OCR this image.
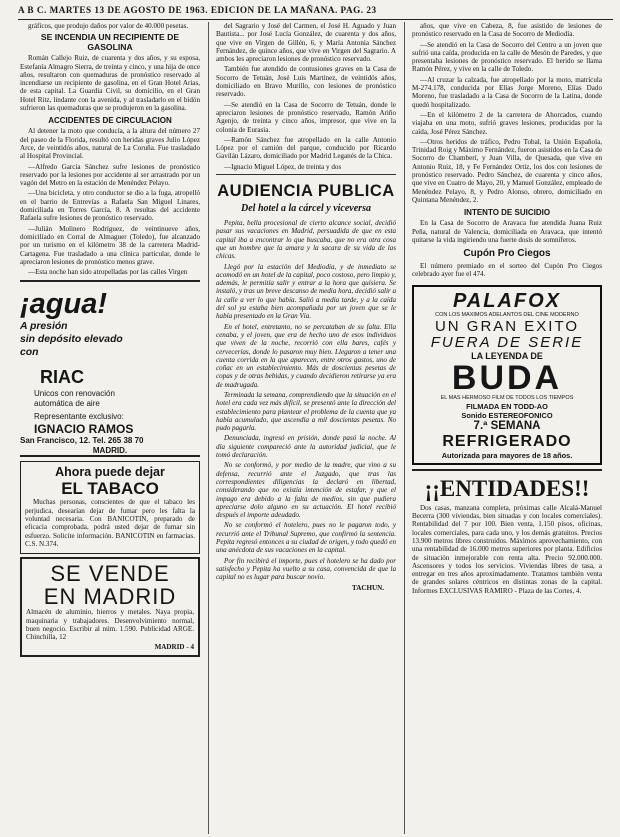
A B C. MARTES 13 DE AGOSTO DE 1963. EDICION DE LA MAÑANA. PAG. 23

gráficos, que produjo daños por valor de 40.000 pesetas.

SE INCENDIA UN RECIPIENTE DE GASOLINA

Román Callejo Ruiz, de cuarenta y dos años, y su esposa, Estefanía Almagro Sierra, de treinta y cinco, y una hija de once años, resultaron con quemaduras de pronóstico reservado al incendiarse un recipiente de gasolina, en el Gran Hotel Arias, de esta capital. La Guardia Civil, su domicilio, en el Gran Hotel Ritz, lindante con la avenida, y al trasladarlo en el bidón sufrieron las quemaduras que se produjeron en la gasolina.

ACCIDENTES DE CIRCULACION

Al detener la moto que conducía, a la altura del número 27 del paseo de la Florida, resultó con heridas graves Julio López Arce, de veintidós años, natural de La Coruña. Fue trasladado al Hospital Provincial.

—Alfredo García Sánchez sufre lesiones de pronóstico reservado por la lesiones por accidente al ser arrastrado por un vagón del Metro en la estación de Menéndez Pelayo.

—Una bicicleta, y otro conductor se dio a la fuga, atropelló en el barrio de Entrevías a Rafaela San Miguel Linares, domiciliada en Torres García, 8. A resultas del accidente Rafaela sufre lesiones de pronóstico reservado.

—Julián Molinero Rodríguez, de veintinueve años, domiciliado en Corral de Almaguer (Toledo), fue alcanzado por un turismo en el kilómetro 38 de la carretera Madrid-Cartagena. Fue trasladado a una clínica particular, donde le apreciaron lesiones de pronóstico menos grave.

—Esta noche han sido atropelladas por las calles Virgen

¡agua!
A presión
sin depósito elevado
con
RIAC
Unicos con renovación
automática de aire
Representante exclusivo:
IGNACIO RAMOS
San Francisco, 12. Tel. 265 38 70
MADRID.
Ahora puede dejar
EL TABACO

Muchas personas, conscientes de que el tabaco les perjudica, desearían dejar de fumar pero les falta la voluntad necesaria. Con BANICOTIN, preparado de eficacia comprobada, podrá usted dejar de fumar sin esfuerzo. Solicite información. BANICOTIN en farmacias. C.S. N.374.

SE VENDE
EN MADRID

Almacén de aluminio, hierros y metales. Naya propia, maquinaria y trabajadores. Desenvolvimiento normal, buen negocio. Escribir al núm. 1.590. Publicidad ARGE. Chinchilla, 12

MADRID - 4

del Sagrario y José del Carmen, el José H. Aguado y Juan Bautista... por José Lucía González, de cuarenta y dos años, que vive en Virgen de Gillén, 6, y María Antonia Sánchez Fernández, de quince años, que vive en Virgen del Sagrario. A ambos les apreciaron lesiones de pronóstico reservado.

También fue atendido de contusiones graves en la Casa de Socorro de Tetuán, José Luis Martínez, de veintidós años, domiciliado en Bravo Murillo, con lesiones de pronóstico reservado.

—Se atendió en la Casa de Socorro de Tetuán, donde le apreciaron lesiones de pronóstico reservado, Ramón Ariño Agenjo, de treinta y cinco años, impresor, que vive en la colonia de Eurasia.

—Ramón Sánchez fue atropellado en la calle Antonio López por el camión del parque, conducido por Ricardo Gavilán Lázaro, domiciliado por Madrid Leganés de la Chica.

—Ignacio Miguel López, de treinta y dos

AUDIENCIA PUBLICA
Del hotel a la cárcel y viceversa

Pepita, bella procesional de cierto alcance social, decidió pasar sus vacaciones en Madrid, persuadida de que en esta capital iba a encontrar lo que buscaba, que no era otra cosa que un hombre que la amara y la sacara de su vida de las chicas.

Llegó por la estación del Mediodía, y de inmediato se acomodó en un hotel de la capital, poco costoso, pero limpio y, además, le permitía salir y entrar a la hora que quisiera. Se instaló, y tras un breve descanso de media hora, decidió salir a la calle a ver lo que había. Salió a media tarde, y a la caída del sol ya estaba bien acompañada por un joven que se le había presentado en la Gran Vía.

En el hotel, entretanto, no se percataban de su falta. Ella cenaba, y el joven, que era de hecho uno de esos individuos que viven de la noche, recorrió con ella bares, cafés y cervecerías, donde lo pasaron muy bien. Llegaron a tener una cuenta corrida en la que aparecen, entre otros gastos, uno de coñac en un establecimiento. Más de doscientas pesetas de copas y de otras bebidas, y cuando decidieron retirarse ya era de madrugada.

Terminada la semana, comprendiendo que la situación en el hotel era cada vez más difícil, se presentó ante la dirección del establecimiento para plantear el problema de la cuenta que ya había acumulado, que ascendía a mil doscientas pesetas. No pudo pagarla.

Denunciada, ingresó en prisión, donde pasó la noche. Al día siguiente compareció ante la autoridad judicial, que le tomó declaración.

No se conformó, y por medio de la madre, que vino a su defensa, recurrió ante el Juzgado, que tras las correspondientes diligencias la declaró en libertad, considerando que no existía intención de estafar, y que el impago era debido a la falta de medios, sin que pudiera apreciarse dolo alguno en su actuación. El hotel recibió después el importe adeudado.

No se conformó el hotelero, pues no le pagaron todo, y recurrió ante el Tribunal Supremo, que confirmó la sentencia. Pepita regresó entonces a su ciudad de origen, y todo quedó en una anécdota de sus vacaciones en la capital.

Por fin recibirá el importe, pues el hotelero se ha dado por satisfecho y Pepita ha vuelto a su casa, convencida de que la capital no es lugar para buscar novio.

TACHUN.

años, que vive en Cabeza, 8, fue asistido de lesiones de pronóstico reservado en la Casa de Socorro de Mediodía.

—Se atendió en la Casa de Socorro del Centro a un joven que sufrió una caída, producida en la calle de Mesón de Paredes, y que presentaba lesiones de pronóstico reservado. El herido se llama Ramón Pérez, y vive en la calle de Toledo.

—Al cruzar la calzada, fue atropellado por la moto, matrícula M-274.178, conducida por Elías Jorge Moreno, Elías Dado Moreno, fue trasladado a la Casa de Socorro de la Latina, donde quedó hospitalizado.

—En el kilómetro 2 de la carretera de Ahorcados, cuando viajaba en una moto, sufrió graves lesiones, producidas por la caída, José Pérez Sánchez.

—Otros heridos de tráfico, Pedro Tobal, la Unión Española, Trinidad Roig y Máximo Fernández, fueron asistidos en la Casa de Socorro de Chamberí, y Juan Villa, de Quesada, que vive en Antonio Ruiz, 18, y Fe Fernández Ortiz, los dos con lesiones de pronóstico reservado. Pedro Sánchez, de cuarenta y cinco años, que vive en Cuatro de Mayo, 20, y Manuel González, empleado de Menéndez Pelayo, 8, y Pedro Alonso, obrero, domiciliado en Quintana Menéndez, 2.

INTENTO DE SUICIDIO

En la Casa de Socorro de Aravaca fue atendida Juana Ruiz Peña, natural de Valencia, domiciliada en Aravaca, que intentó quitarse la vida ingiriendo una fuerte dosis de somníferos.

Cupón Pro Ciegos

El número premiado en el sorteo del Cupón Pro Ciegos celebrado ayer fue el 474.

PALAFOX
CON LOS MAXIMOS ADELANTOS DEL CINE MODERNO
UN GRAN EXITO
FUERA DE SERIE
LA LEYENDA DE
BUDA
EL MAS HERMOSO FILM DE TODOS LOS TIEMPOS
FILMADA EN TODD-AO
Sonido ESTEREOFONICO
7.ª SEMANA
REFRIGERADO
Autorizada para mayores de 18 años.
¡¡ENTIDADES!!

Dos casas, manzana completa, próximas calle Alcalá-Manuel Becerra (300 viviendas, bien situadas y con locales comerciales). Rentabilidad del 7 por 100. Bien venta, 1.150 pisos, oficinas, locales comerciales, para cada uno, y los demás gratuitos. Precios 13.900 metros libres construidos. Máximos aprovechamiento, con una rentabilidad de 16.000 metros superiores por planta. Edificios de situación inmejorable con renta alta. Precio 92.000.000. Ascensores y todos los servicios. Viviendas libres de tasa, a entregar en tres años aproximadamente. Tratamos también venta de grandes solares céntricos en distintas zonas de la capital. Informes EXCLUSIVAS RAMIRO - Plaza de las Cortes, 4.
